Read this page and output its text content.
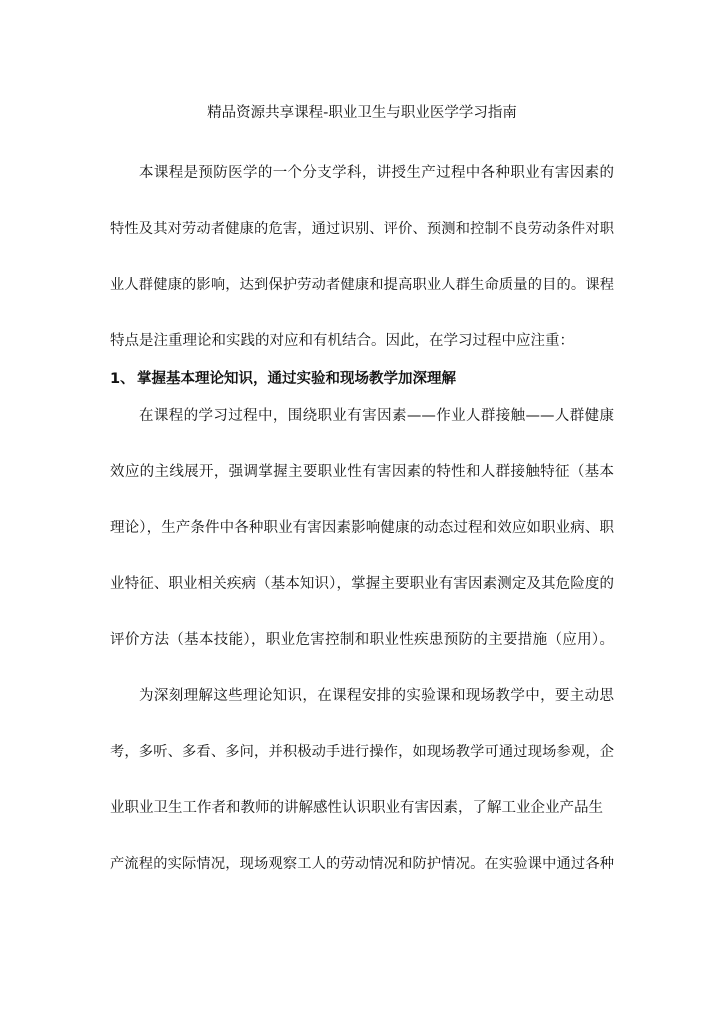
精品资源共享课程-职业卫生与职业医学学习指南
本课程是预防医学的一个分支学科，讲授生产过程中各种职业有害因素的
特性及其对劳动者健康的危害，通过识别、评价、预测和控制不良劳动条件对职
业人群健康的影响，达到保护劳动者健康和提高职业人群生命质量的目的。课程
特点是注重理论和实践的对应和有机结合。因此，在学习过程中应注重：
1、 掌握基本理论知识，通过实验和现场教学加深理解
在课程的学习过程中，围绕职业有害因素——作业人群接触——人群健康
效应的主线展开，强调掌握主要职业性有害因素的特性和人群接触特征（基本
理论），生产条件中各种职业有害因素影响健康的动态过程和效应如职业病、职
业特征、职业相关疾病（基本知识），掌握主要职业有害因素测定及其危险度的
评价方法（基本技能），职业危害控制和职业性疾患预防的主要措施（应用）。
为深刻理解这些理论知识，在课程安排的实验课和现场教学中，要主动思
考，多听、多看、多问，并积极动手进行操作，如现场教学可通过现场参观，企
业职业卫生工作者和教师的讲解感性认识职业有害因素，了解工业企业产品生
产流程的实际情况，现场观察工人的劳动情况和防护情况。在实验课中通过各种
